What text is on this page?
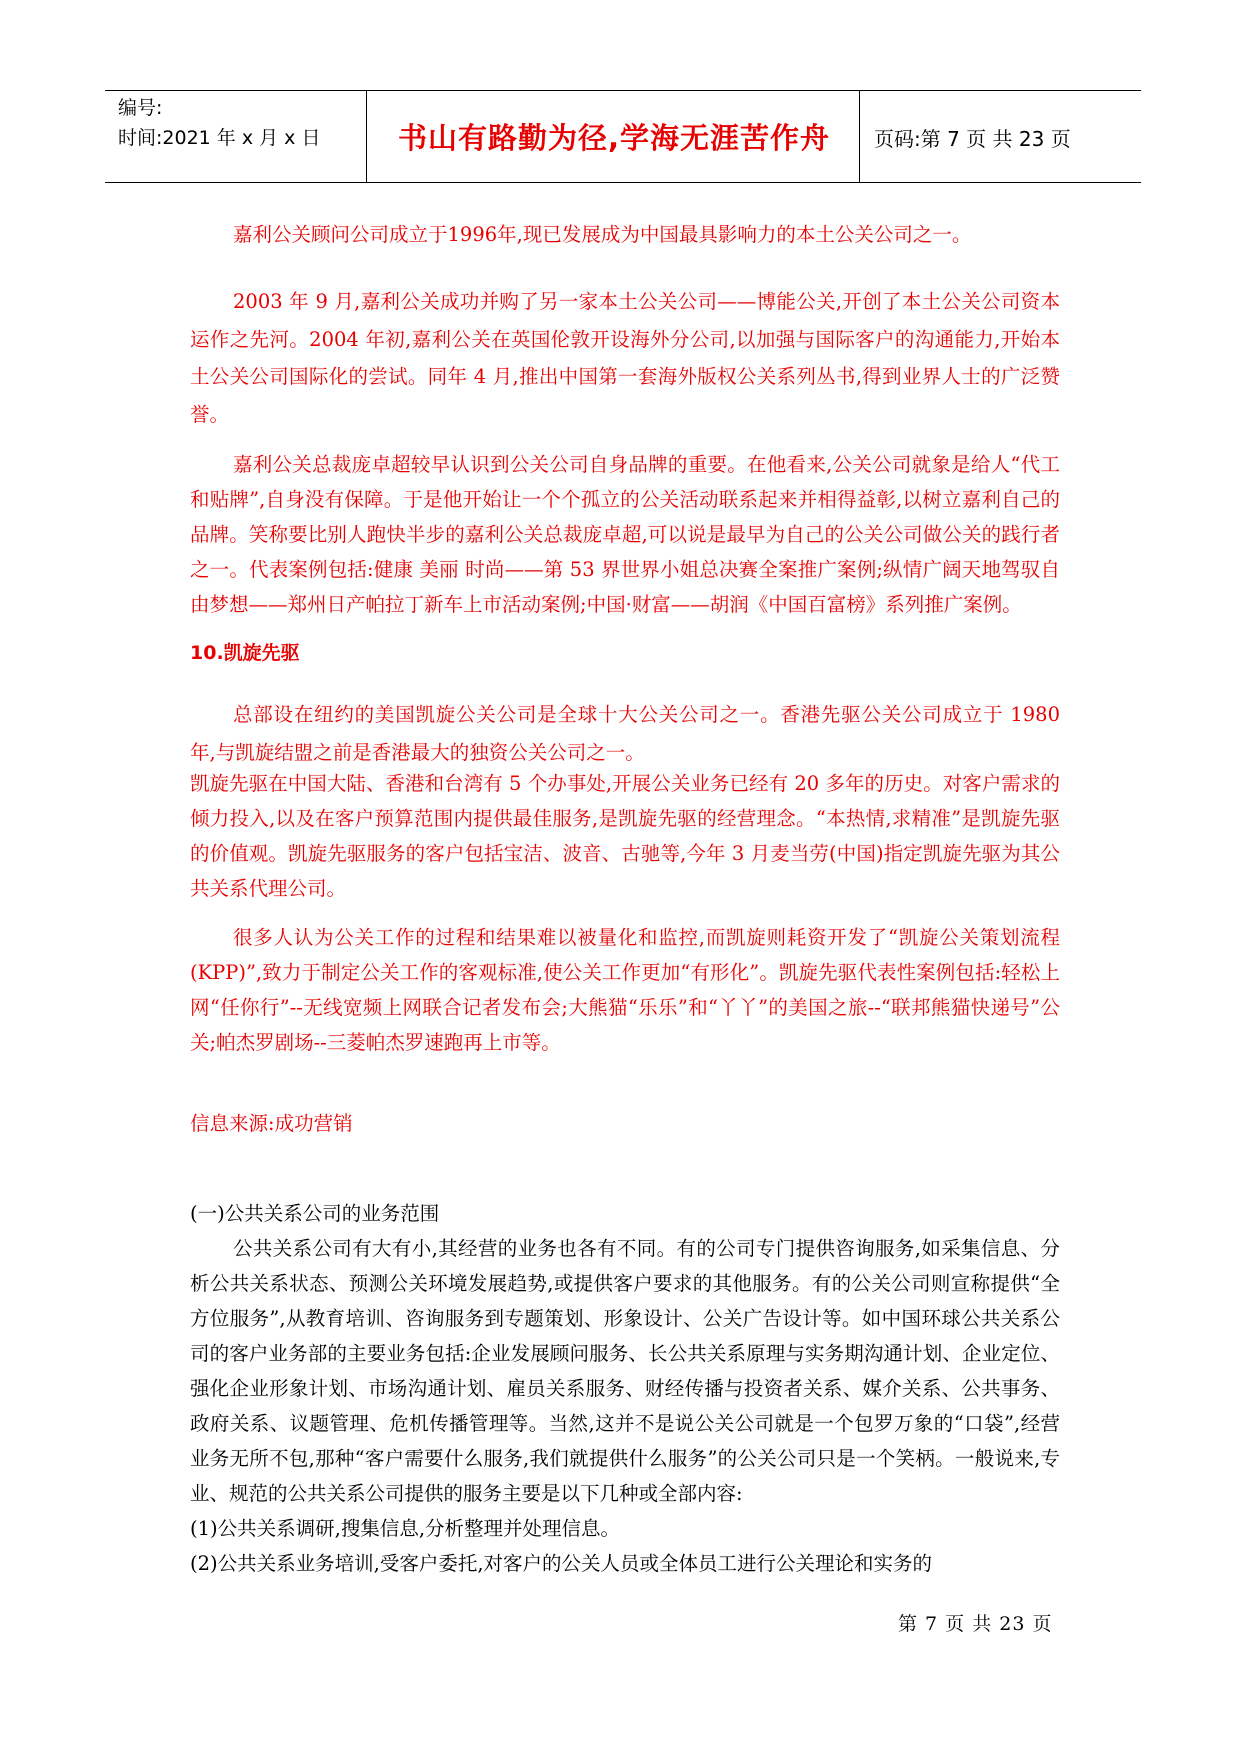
编号:
时间:2021 年 x 月 x 日	书山有路勤为径,学海无涯苦作舟	页码:第 7 页 共 23 页

嘉利公关顾问公司成立于1996年,现已发展成为中国最具影响力的本土公关公司之一。

2003 年 9 月,嘉利公关成功并购了另一家本土公关公司——博能公关,开创了本土公关公司资本运作之先河。2004 年初,嘉利公关在英国伦敦开设海外分公司,以加强与国际客户的沟通能力,开始本土公关公司国际化的尝试。同年 4 月,推出中国第一套海外版权公关系列丛书,得到业界人士的广泛赞誉。

嘉利公关总裁庞卓超较早认识到公关公司自身品牌的重要。在他看来,公关公司就象是给人“代工和贴牌”,自身没有保障。于是他开始让一个个孤立的公关活动联系起来并相得益彰,以树立嘉利自己的品牌。笑称要比别人跑快半步的嘉利公关总裁庞卓超,可以说是最早为自己的公关公司做公关的践行者之一。代表案例包括:健康 美丽 时尚——第 53 界世界小姐总决赛全案推广案例;纵情广阔天地驾驭自由梦想——郑州日产帕拉丁新车上市活动案例;中国·财富——胡润《中国百富榜》系列推广案例。

10.凯旋先驱

总部设在纽约的美国凯旋公关公司是全球十大公关公司之一。香港先驱公关公司成立于 1980 年,与凯旋结盟之前是香港最大的独资公关公司之一。

凯旋先驱在中国大陆、香港和台湾有 5 个办事处,开展公关业务已经有 20 多年的历史。对客户需求的倾力投入,以及在客户预算范围内提供最佳服务,是凯旋先驱的经营理念。“本热情,求精准”是凯旋先驱的价值观。凯旋先驱服务的客户包括宝洁、波音、古驰等,今年 3 月麦当劳(中国)指定凯旋先驱为其公共关系代理公司。

很多人认为公关工作的过程和结果难以被量化和监控,而凯旋则耗资开发了“凯旋公关策划流程(KPP)”,致力于制定公关工作的客观标准,使公关工作更加“有形化”。凯旋先驱代表性案例包括:轻松上网“任你行”--无线宽频上网联合记者发布会;大熊猫“乐乐”和“丫丫”的美国之旅--“联邦熊猫快递号”公关;帕杰罗剧场--三菱帕杰罗速跑再上市等。

信息来源:成功营销

(一)公共关系公司的业务范围

公共关系公司有大有小,其经营的业务也各有不同。有的公司专门提供咨询服务,如采集信息、分析公共关系状态、预测公关环境发展趋势,或提供客户要求的其他服务。有的公关公司则宣称提供“全方位服务”,从教育培训、咨询服务到专题策划、形象设计、公关广告设计等。如中国环球公共关系公司的客户业务部的主要业务包括:企业发展顾问服务、长公共关系原理与实务期沟通计划、企业定位、强化企业形象计划、市场沟通计划、雇员关系服务、财经传播与投资者关系、媒介关系、公共事务、政府关系、议题管理、危机传播管理等。当然,这并不是说公关公司就是一个包罗万象的“口袋”,经营业务无所不包,那种“客户需要什么服务,我们就提供什么服务”的公关公司只是一个笑柄。一般说来,专业、规范的公共关系公司提供的服务主要是以下几种或全部内容:

(1)公共关系调研,搜集信息,分析整理并处理信息。

(2)公共关系业务培训,受客户委托,对客户的公关人员或全体员工进行公关理论和实务的

第 7 页 共 23 页
